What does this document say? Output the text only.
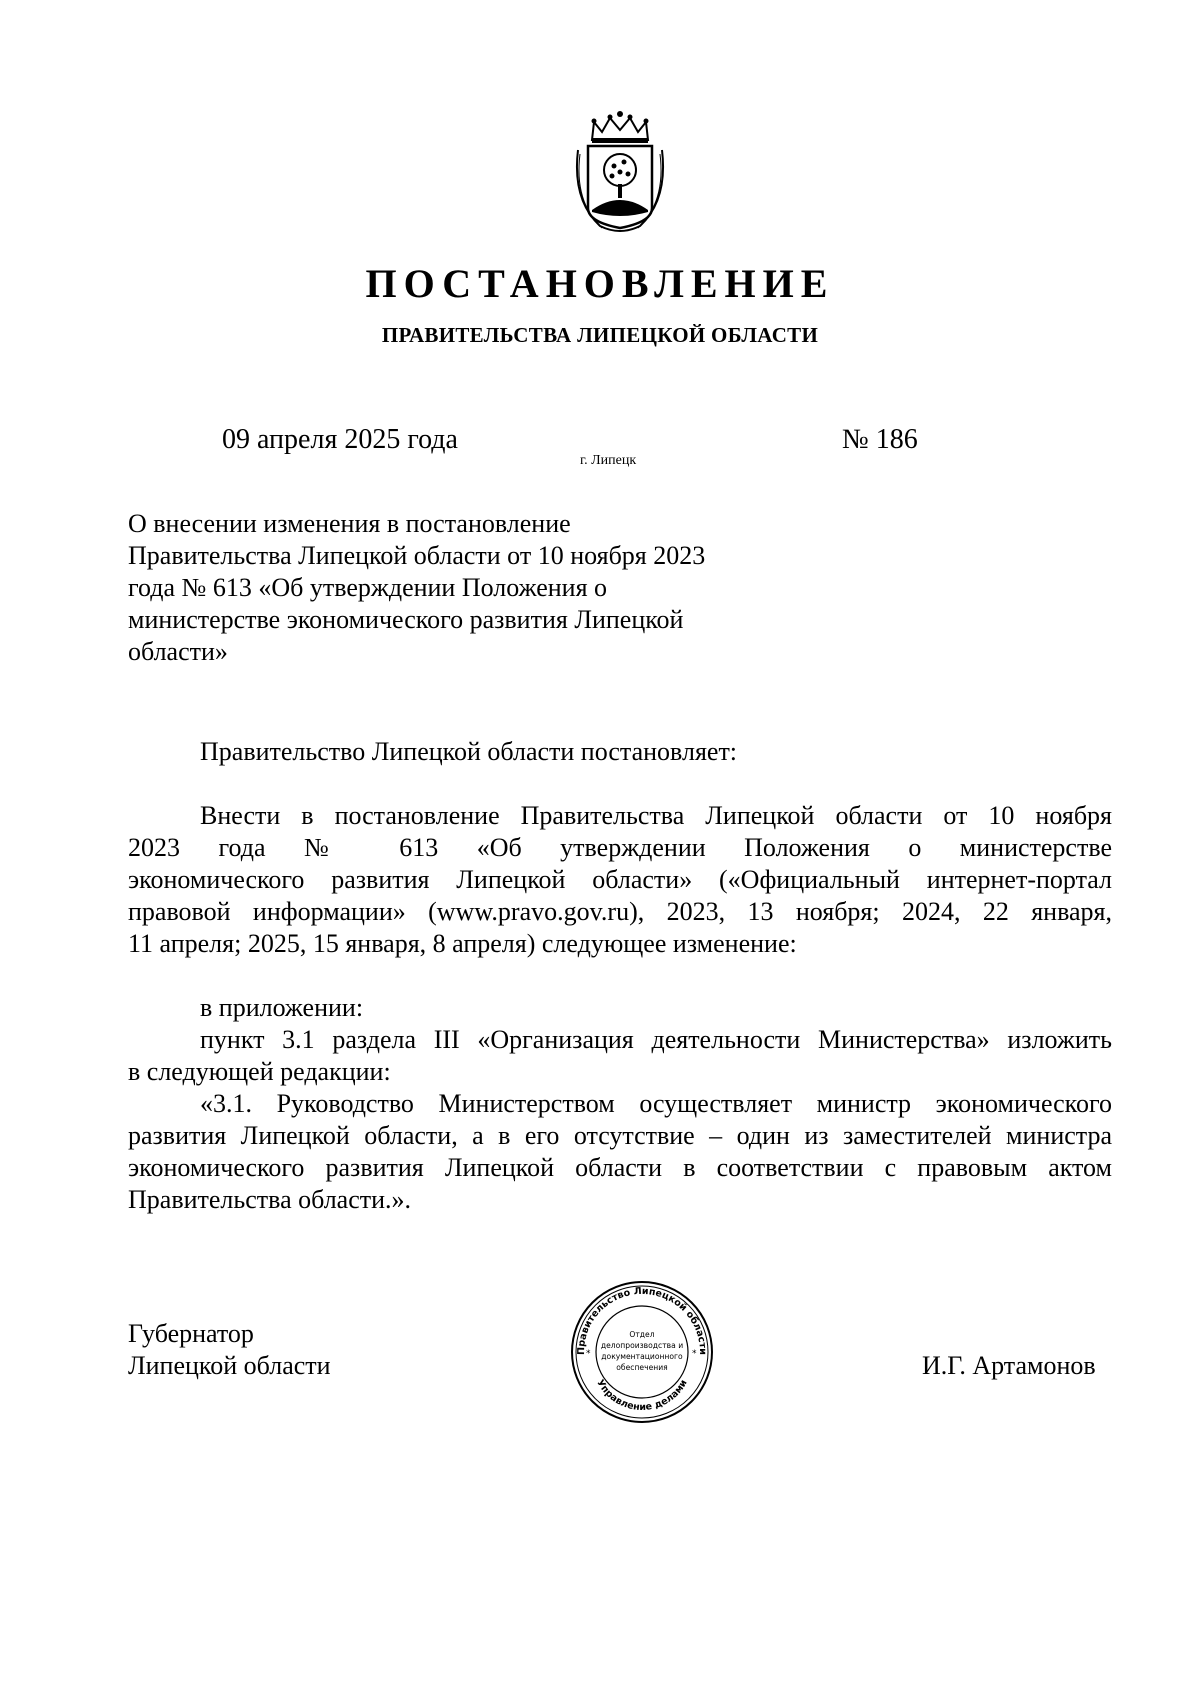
ПОСТАНОВЛЕНИЕ
ПРАВИТЕЛЬСТВА ЛИПЕЦКОЙ ОБЛАСТИ
09 апреля 2025 года
г. Липецк
№ 186
О внесении изменения в постановление
Правительства Липецкой области от 10 ноября 2023
года № 613 «Об утверждении Положения о
министерстве экономического развития Липецкой
области»
Правительство Липецкой области постановляет:
Внести в постановление Правительства Липецкой области от 10 ноября
2023 года № 613 «Об утверждении Положения о министерстве
экономического развития Липецкой области» («Официальный интернет-портал
правовой информации» (www.pravo.gov.ru), 2023, 13 ноября; 2024, 22 января,
11 апреля; 2025, 15 января, 8 апреля) следующее изменение:
в приложении:
пункт 3.1 раздела III «Организация деятельности Министерства» изложить
в следующей редакции:
«3.1. Руководство Министерством осуществляет министр экономического
развития Липецкой области, а в его отсутствие – один из заместителей министра
экономического развития Липецкой области в соответствии с правовым актом
Правительства области.».
Губернатор
Липецкой области	И.Г. Артамонов
Правительство Липецкой области
Управление делами
*	*
Отдел
делопроизводства и
документационного
обеспечения
